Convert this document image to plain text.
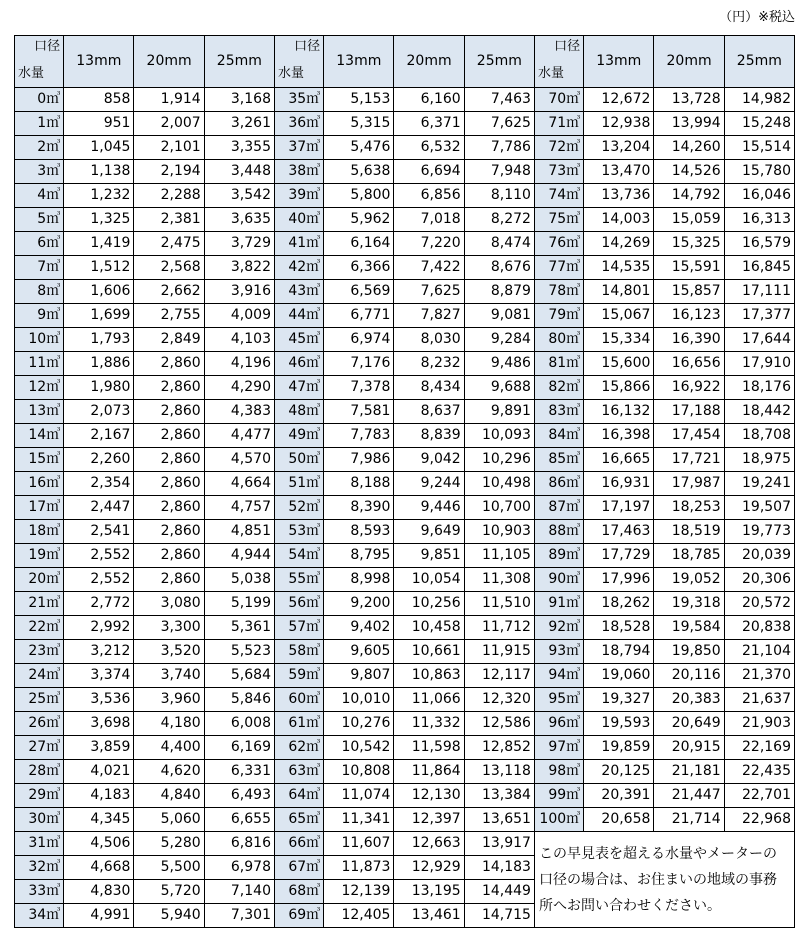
（円）※税込
口径
水量	13mm	20mm	25mm	口径
水量	13mm	20mm	25mm	口径
水量	13mm	20mm	25mm
0㎥	858	1,914	3,168	35㎥	5,153	6,160	7,463	70㎥	12,672	13,728	14,982
1㎥	951	2,007	3,261	36㎥	5,315	6,371	7,625	71㎥	12,938	13,994	15,248
2㎥	1,045	2,101	3,355	37㎥	5,476	6,532	7,786	72㎥	13,204	14,260	15,514
3㎥	1,138	2,194	3,448	38㎥	5,638	6,694	7,948	73㎥	13,470	14,526	15,780
4㎥	1,232	2,288	3,542	39㎥	5,800	6,856	8,110	74㎥	13,736	14,792	16,046
5㎥	1,325	2,381	3,635	40㎥	5,962	7,018	8,272	75㎥	14,003	15,059	16,313
6㎥	1,419	2,475	3,729	41㎥	6,164	7,220	8,474	76㎥	14,269	15,325	16,579
7㎥	1,512	2,568	3,822	42㎥	6,366	7,422	8,676	77㎥	14,535	15,591	16,845
8㎥	1,606	2,662	3,916	43㎥	6,569	7,625	8,879	78㎥	14,801	15,857	17,111
9㎥	1,699	2,755	4,009	44㎥	6,771	7,827	9,081	79㎥	15,067	16,123	17,377
10㎥	1,793	2,849	4,103	45㎥	6,974	8,030	9,284	80㎥	15,334	16,390	17,644
11㎥	1,886	2,860	4,196	46㎥	7,176	8,232	9,486	81㎥	15,600	16,656	17,910
12㎥	1,980	2,860	4,290	47㎥	7,378	8,434	9,688	82㎥	15,866	16,922	18,176
13㎥	2,073	2,860	4,383	48㎥	7,581	8,637	9,891	83㎥	16,132	17,188	18,442
14㎥	2,167	2,860	4,477	49㎥	7,783	8,839	10,093	84㎥	16,398	17,454	18,708
15㎥	2,260	2,860	4,570	50㎥	7,986	9,042	10,296	85㎥	16,665	17,721	18,975
16㎥	2,354	2,860	4,664	51㎥	8,188	9,244	10,498	86㎥	16,931	17,987	19,241
17㎥	2,447	2,860	4,757	52㎥	8,390	9,446	10,700	87㎥	17,197	18,253	19,507
18㎥	2,541	2,860	4,851	53㎥	8,593	9,649	10,903	88㎥	17,463	18,519	19,773
19㎥	2,552	2,860	4,944	54㎥	8,795	9,851	11,105	89㎥	17,729	18,785	20,039
20㎥	2,552	2,860	5,038	55㎥	8,998	10,054	11,308	90㎥	17,996	19,052	20,306
21㎥	2,772	3,080	5,199	56㎥	9,200	10,256	11,510	91㎥	18,262	19,318	20,572
22㎥	2,992	3,300	5,361	57㎥	9,402	10,458	11,712	92㎥	18,528	19,584	20,838
23㎥	3,212	3,520	5,523	58㎥	9,605	10,661	11,915	93㎥	18,794	19,850	21,104
24㎥	3,374	3,740	5,684	59㎥	9,807	10,863	12,117	94㎥	19,060	20,116	21,370
25㎥	3,536	3,960	5,846	60㎥	10,010	11,066	12,320	95㎥	19,327	20,383	21,637
26㎥	3,698	4,180	6,008	61㎥	10,276	11,332	12,586	96㎥	19,593	20,649	21,903
27㎥	3,859	4,400	6,169	62㎥	10,542	11,598	12,852	97㎥	19,859	20,915	22,169
28㎥	4,021	4,620	6,331	63㎥	10,808	11,864	13,118	98㎥	20,125	21,181	22,435
29㎥	4,183	4,840	6,493	64㎥	11,074	12,130	13,384	99㎥	20,391	21,447	22,701
30㎥	4,345	5,060	6,655	65㎥	11,341	12,397	13,651	100㎥	20,658	21,714	22,968
31㎥	4,506	5,280	6,816	66㎥	11,607	12,663	13,917	この早見表を超える水量やメーターの口径の場合は、お住まいの地域の事務所へお問い合わせください。			
32㎥	4,668	5,500	6,978	67㎥	11,873	12,929	14,183				
33㎥	4,830	5,720	7,140	68㎥	12,139	13,195	14,449				
34㎥	4,991	5,940	7,301	69㎥	12,405	13,461	14,715				
